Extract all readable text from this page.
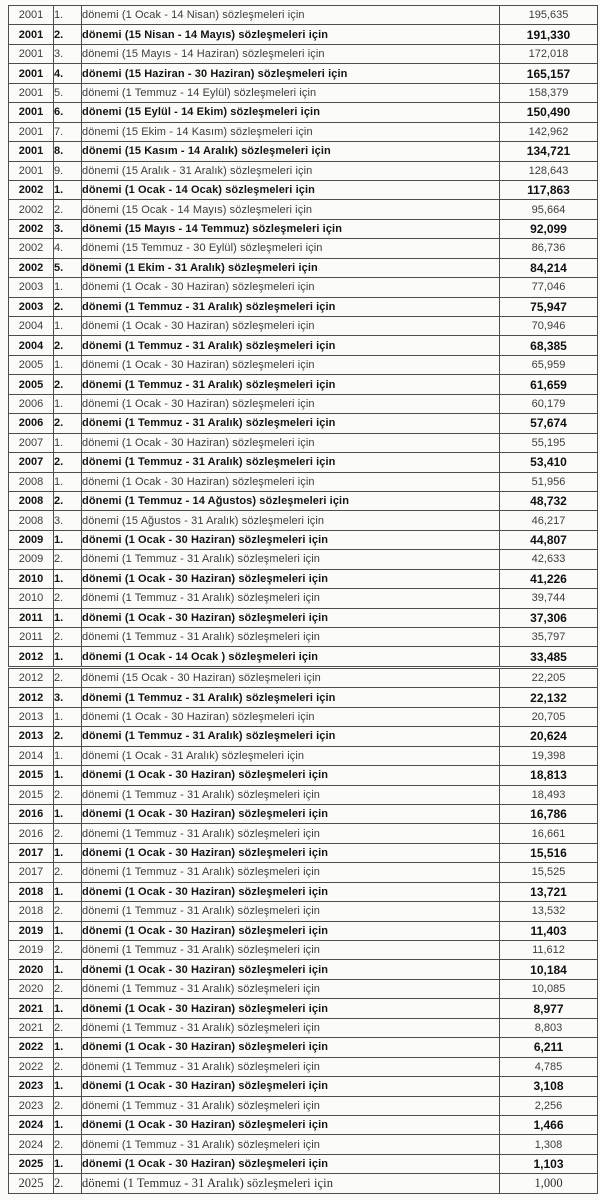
2001	1.	dönemi (1 Ocak - 14 Nisan) sözleşmeleri için	195,635
2001	2.	dönemi (15 Nisan - 14 Mayıs) sözleşmeleri için	191,330
2001	3.	dönemi (15 Mayıs - 14 Haziran) sözleşmeleri için	172,018
2001	4.	dönemi (15 Haziran - 30 Haziran) sözleşmeleri için	165,157
2001	5.	dönemi (1 Temmuz - 14 Eylül) sözleşmeleri için	158,379
2001	6.	dönemi (15 Eylül - 14 Ekim) sözleşmeleri için	150,490
2001	7.	dönemi (15 Ekim - 14 Kasım) sözleşmeleri için	142,962
2001	8.	dönemi (15 Kasım - 14 Aralık) sözleşmeleri için	134,721
2001	9.	dönemi (15 Aralık - 31 Aralık) sözleşmeleri için	128,643
2002	1.	dönemi (1 Ocak - 14 Ocak) sözleşmeleri için	117,863
2002	2.	dönemi (15 Ocak - 14 Mayıs) sözleşmeleri için	95,664
2002	3.	dönemi (15 Mayıs - 14 Temmuz) sözleşmeleri için	92,099
2002	4.	dönemi (15 Temmuz - 30 Eylül) sözleşmeleri için	86,736
2002	5.	dönemi (1 Ekim - 31 Aralık) sözleşmeleri için	84,214
2003	1.	dönemi (1 Ocak - 30 Haziran) sözleşmeleri için	77,046
2003	2.	dönemi (1 Temmuz - 31 Aralık) sözleşmeleri için	75,947
2004	1.	dönemi (1 Ocak - 30 Haziran) sözleşmeleri için	70,946
2004	2.	dönemi (1 Temmuz - 31 Aralık) sözleşmeleri için	68,385
2005	1.	dönemi (1 Ocak - 30 Haziran) sözleşmeleri için	65,959
2005	2.	dönemi (1 Temmuz - 31 Aralık) sözleşmeleri için	61,659
2006	1.	dönemi (1 Ocak - 30 Haziran) sözleşmeleri için	60,179
2006	2.	dönemi (1 Temmuz - 31 Aralık) sözleşmeleri için	57,674
2007	1.	dönemi (1 Ocak - 30 Haziran) sözleşmeleri için	55,195
2007	2.	dönemi (1 Temmuz - 31 Aralık) sözleşmeleri için	53,410
2008	1.	dönemi (1 Ocak - 30 Haziran) sözleşmeleri için	51,956
2008	2.	dönemi (1 Temmuz - 14 Ağustos) sözleşmeleri için	48,732
2008	3.	dönemi (15 Ağustos - 31 Aralık) sözleşmeleri için	46,217
2009	1.	dönemi (1 Ocak - 30 Haziran) sözleşmeleri için	44,807
2009	2.	dönemi (1 Temmuz - 31 Aralık) sözleşmeleri için	42,633
2010	1.	dönemi (1 Ocak - 30 Haziran) sözleşmeleri için	41,226
2010	2.	dönemi (1 Temmuz - 31 Aralık) sözleşmeleri için	39,744
2011	1.	dönemi (1 Ocak - 30 Haziran) sözleşmeleri için	37,306
2011	2.	dönemi (1 Temmuz - 31 Aralık) sözleşmeleri için	35,797
2012	1.	dönemi (1 Ocak - 14 Ocak ) sözleşmeleri için	33,485
2012	2.	dönemi (15 Ocak - 30 Haziran) sözleşmeleri için	22,205
2012	3.	dönemi (1 Temmuz - 31 Aralık) sözleşmeleri için	22,132
2013	1.	dönemi (1 Ocak - 30 Haziran) sözleşmeleri için	20,705
2013	2.	dönemi (1 Temmuz - 31 Aralık) sözleşmeleri için	20,624
2014	1.	dönemi (1 Ocak - 31 Aralık) sözleşmeleri için	19,398
2015	1.	dönemi (1 Ocak - 30 Haziran) sözleşmeleri için	18,813
2015	2.	dönemi (1 Temmuz - 31 Aralık) sözleşmeleri için	18,493
2016	1.	dönemi (1 Ocak - 30 Haziran) sözleşmeleri için	16,786
2016	2.	dönemi (1 Temmuz - 31 Aralık) sözleşmeleri için	16,661
2017	1.	dönemi (1 Ocak - 30 Haziran) sözleşmeleri için	15,516
2017	2.	dönemi (1 Temmuz - 31 Aralık) sözleşmeleri için	15,525
2018	1.	dönemi (1 Ocak - 30 Haziran) sözleşmeleri için	13,721
2018	2.	dönemi (1 Temmuz - 31 Aralık) sözleşmeleri için	13,532
2019	1.	dönemi (1 Ocak - 30 Haziran) sözleşmeleri için	11,403
2019	2.	dönemi (1 Temmuz - 31 Aralık) sözleşmeleri için	11,612
2020	1.	dönemi (1 Ocak - 30 Haziran) sözleşmeleri için	10,184
2020	2.	dönemi (1 Temmuz - 31 Aralık) sözleşmeleri için	10,085
2021	1.	dönemi (1 Ocak - 30 Haziran) sözleşmeleri için	8,977
2021	2.	dönemi (1 Temmuz - 31 Aralık) sözleşmeleri için	8,803
2022	1.	dönemi (1 Ocak - 30 Haziran) sözleşmeleri için	6,211
2022	2.	dönemi (1 Temmuz - 31 Aralık) sözleşmeleri için	4,785
2023	1.	dönemi (1 Ocak - 30 Haziran) sözleşmeleri için	3,108
2023	2.	dönemi (1 Temmuz - 31 Aralık) sözleşmeleri için	2,256
2024	1.	dönemi (1 Ocak - 30 Haziran) sözleşmeleri için	1,466
2024	2.	dönemi (1 Temmuz - 31 Aralık) sözleşmeleri için	1,308
2025	1.	dönemi (1 Ocak - 30 Haziran) sözleşmeleri için	1,103
2025	2.	dönemi (1 Temmuz - 31 Aralık) sözleşmeleri için	1,000
